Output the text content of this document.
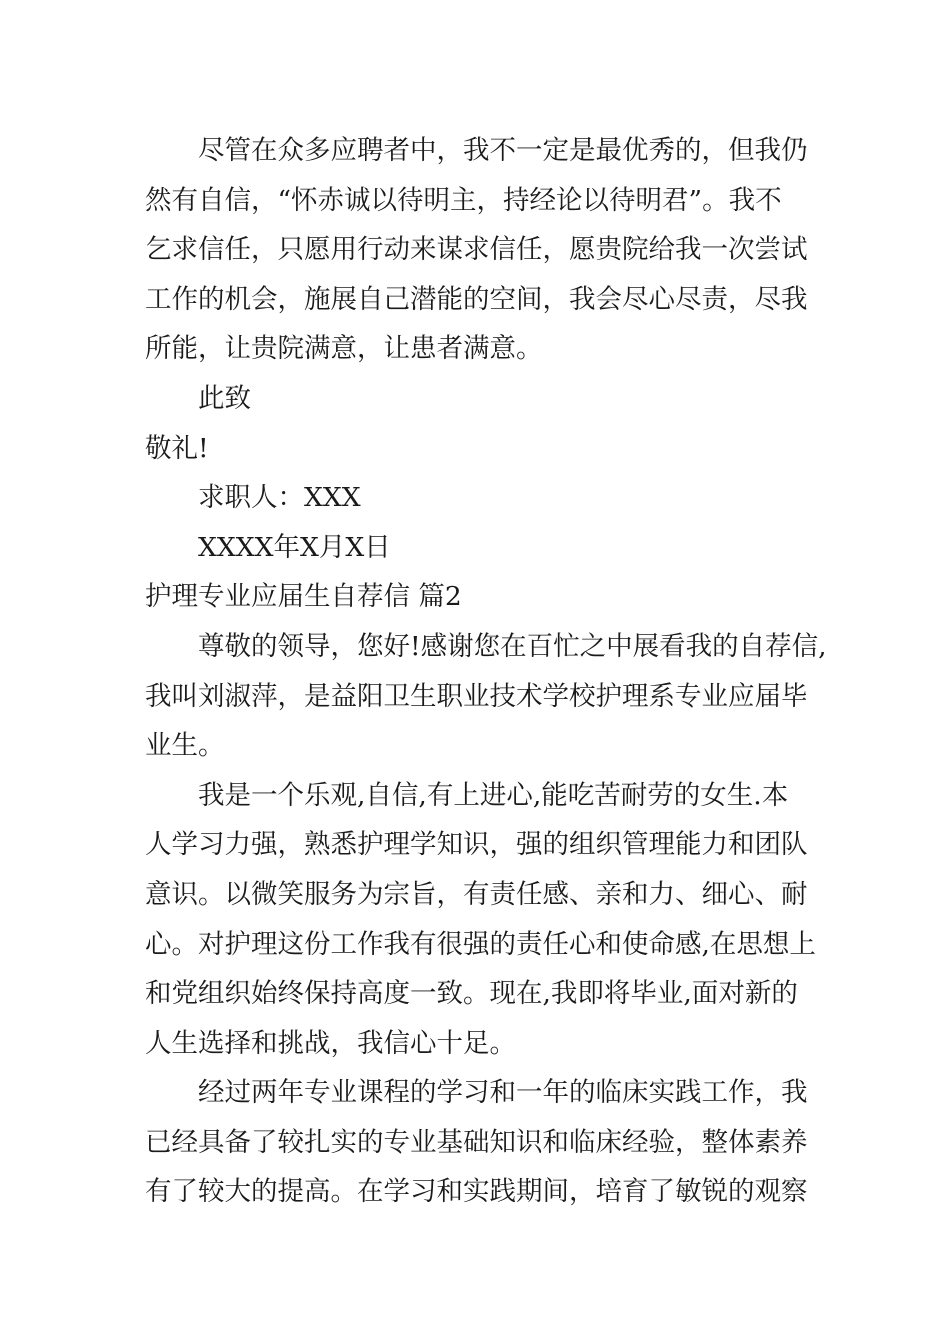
尽管在众多应聘者中，我不一定是最优秀的，但我仍
然有自信，“怀赤诚以待明主，持经论以待明君”。我不
乞求信任，只愿用行动来谋求信任，愿贵院给我一次尝试
工作的机会，施展自己潜能的空间，我会尽心尽责，尽我
所能，让贵院满意，让患者满意。
此致
敬礼!
求职人：XXX
XXXX年X月X日
护理专业应届生自荐信 篇2
尊敬的领导，您好!感谢您在百忙之中展看我的自荐信,
我叫刘淑萍，是益阳卫生职业技术学校护理系专业应届毕
业生。
我是一个乐观,自信,有上进心,能吃苦耐劳的女生.本
人学习力强，熟悉护理学知识，强的组织管理能力和团队
意识。以微笑服务为宗旨，有责任感、亲和力、细心、耐
心。对护理这份工作我有很强的责任心和使命感,在思想上
和党组织始终保持高度一致。现在,我即将毕业,面对新的
人生选择和挑战，我信心十足。
经过两年专业课程的学习和一年的临床实践工作，我
已经具备了较扎实的专业基础知识和临床经验，整体素养
有了较大的提高。在学习和实践期间，培育了敏锐的观察
